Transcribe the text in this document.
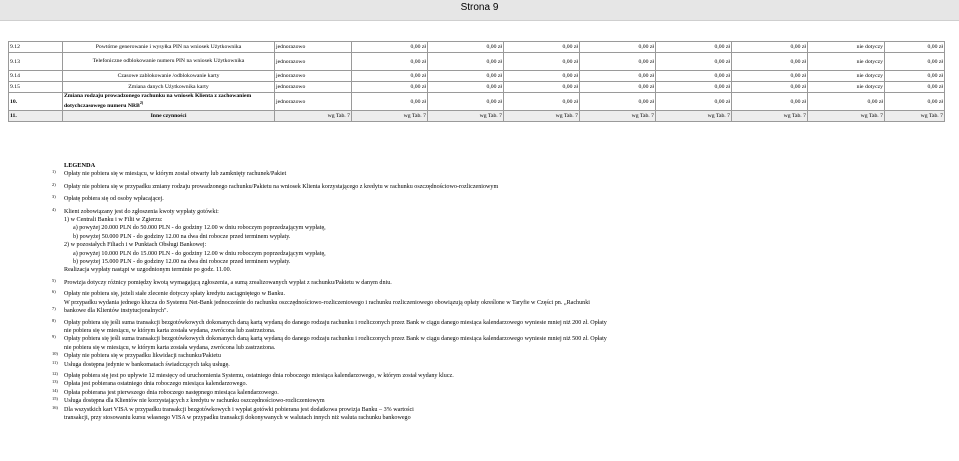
Strona 9
9.12	Powtórne generowanie i wysyłka PIN na wniosek Użytkownika	jednorazowo	0,00 zł	0,00 zł	0,00 zł	0,00 zł	0,00 zł	0,00 zł	nie dotyczy	0,00 zł
9.13	Telefoniczne odblokowanie numeru PIN na wniosek Użytkownika	jednorazowo	0,00 zł	0,00 zł	0,00 zł	0,00 zł	0,00 zł	0,00 zł	nie dotyczy	0,00 zł
9.14	Czasowe zablokowanie /odblokowanie karty	jednorazowo	0,00 zł	0,00 zł	0,00 zł	0,00 zł	0,00 zł	0,00 zł	nie dotyczy	0,00 zł
9.15	Zmiana danych Użytkownika karty	jednorazowo	0,00 zł	0,00 zł	0,00 zł	0,00 zł	0,00 zł	0,00 zł	nie dotyczy	0,00 zł
10.	Zmiana rodzaju prowadzonego rachunku na wniosek Klienta z zachowaniem dotychczasowego numeru NRB$^{2)}$	jednorazowo	0,00 zł	0,00 zł	0,00 zł	0,00 zł	0,00 zł	0,00 zł	0,00 zł	0,00 zł
11.	Inne czynności	wg Tab. 7	wg Tab. 7	wg Tab. 7	wg Tab. 7	wg Tab. 7	wg Tab. 7	wg Tab. 7	wg Tab. 7	wg Tab. 7
LEGENDA
1) Opłaty nie pobiera się w miesiącu, w którym został otwarty lub zamknięty rachunek/Pakiet
2) Opłaty nie pobiera się w przypadku zmiany rodzaju prowadzonego rachunku/Pakietu na wniosek Klienta korzystającego z kredytu w rachunku oszczędnościowo-rozliczeniowym
3) Opłatę pobiera się od osoby wpłacającej.
4) Klient zobowiązany jest do zgłoszenia kwoty wypłaty gotówki:
1) w Centrali Banku i w Filii w Zgierzu:
a) powyżej 20.000 PLN do 50.000 PLN - do godziny 12.00 w dniu roboczym poprzedzającym wypłatę,
b) powyżej 50.000 PLN - do godziny 12.00 na dwa dni robocze przed terminem wypłaty.
2) w pozostałych Filiach i w Punktach Obsługi Bankowej:
a) powyżej 10.000 PLN do 15.000 PLN - do godziny 12.00 w dniu roboczym poprzedzającym wypłatę,
b) powyżej 15.000 PLN - do godziny 12.00 na dwa dni robocze przed terminem wypłaty.
Realizacja wypłaty nastąpi w uzgodnionym terminie po godz. 11.00.
5) Prowizja dotyczy różnicy pomiędzy kwotą wymagającą zgłoszenia, a sumą zrealizowanych wypłat z rachunku/Pakietu w danym dniu.
6) Opłaty nie pobiera się, jeżeli stałe zlecenie dotyczy spłaty kredytu zaciągniętego w Banku.
W przypadku wydania jednego klucza do Systemu Net-Bank jednocześnie do rachunku oszczędnościowo-rozliczeniowego i rachunku rozliczeniowego obowiązują opłaty określone w Taryfie w Części pn. „Rachunki
7) bankowe dla Klientów instytucjonalnych".
8) Opłaty pobiera się jeśli suma transakcji bezgotówkowych dokonanych daną kartą wydaną do danego rodzaju rachunku i rozliczonych przez Bank w ciągu danego miesiąca kalendarzowego wyniesie mniej niż 200 zł. Opłaty
nie pobiera się w miesiącu, w którym karta została wydana, zwrócona lub zastrzeżona.
9) Opłaty pobiera się jeśli suma transakcji bezgotówkowych dokonanych daną kartą wydaną do danego rodzaju rachunku i rozliczonych przez Bank w ciągu danego miesiąca kalendarzowego wyniesie mniej niż 500 zł. Opłaty
nie pobiera się w miesiącu, w którym karta została wydana, zwrócona lub zastrzeżona.
10) Opłaty nie pobiera się w przypadku likwidacji rachunku/Pakietu
11) Usługa dostępna jedynie w bankomatach świadczących taką usługę.
12) Opłatę pobiera się jest po upływie 12 miesięcy od uruchomienia Systemu, ostatniego dnia roboczego miesiąca kalendarzowego, w którym został wydany klucz.
13) Opłata jest pobierana ostatniego dnia roboczego miesiąca kalendarzowego.
14) Opłata pobierana jest pierwszego dnia roboczego następnego miesiąca kalendarzowego.
15) Usługa dostępna dla Klientów nie korzystających z kredytu w rachunku oszczędnościowo-rozliczeniowym
16) Dla wszystkich kart VISA w przypadku transakcji bezgotówkowych i wypłat gotówki pobierana jest dodatkowa prowizja Banku – 3% wartości
transakcji, przy stosowaniu kursu własnego VISA w przypadku transakcji dokonywanych w walutach innych niż waluta rachunku bankowego
